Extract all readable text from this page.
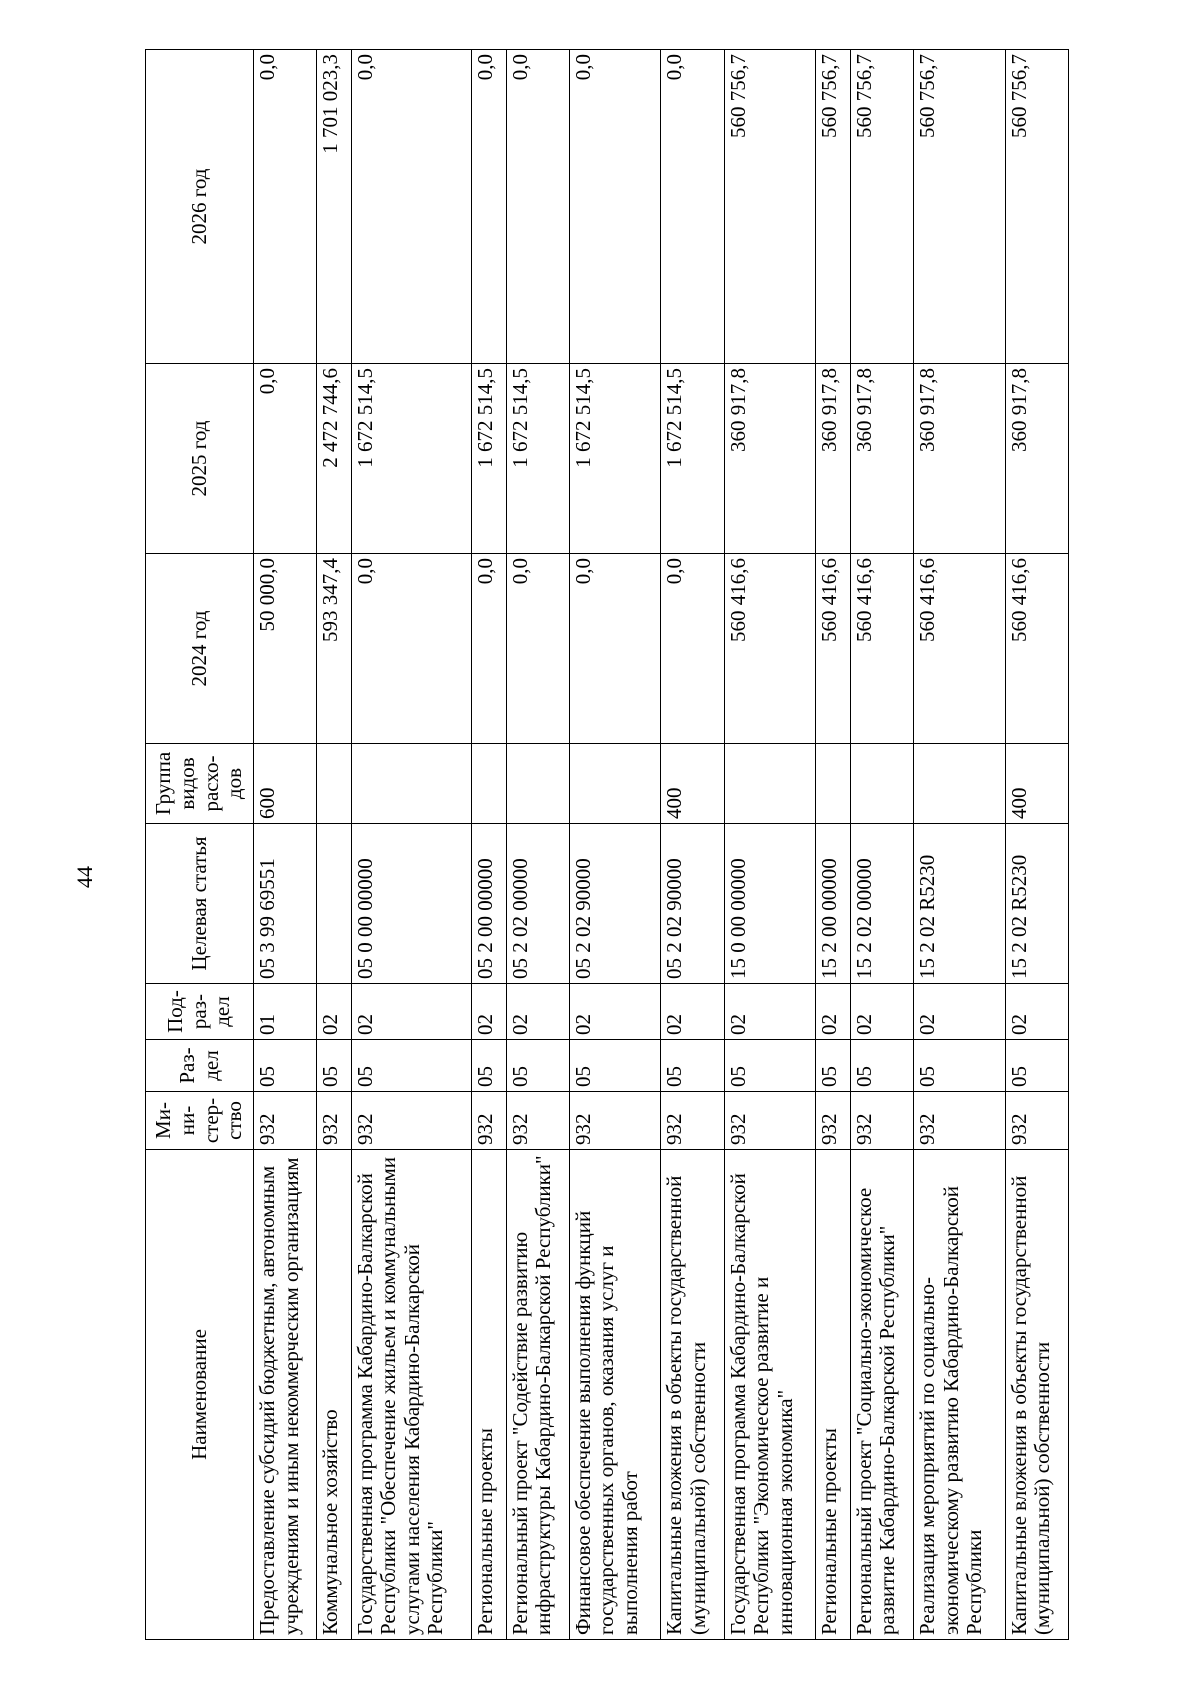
44
Наименование	Ми-ни-стер-ство	Раз-дел	Под-раз-дел	Целевая статья	Группа видов расхо-дов	2024 год	2025 год	2026 год
Предоставление субсидий бюджетным, автономным учреждениям и иным некоммерческим организациям	932	05	01	05 3 99 69551	600	50 000,0	0,0	0,0
Коммунальное хозяйство	932	05	02			593 347,4	2 472 744,6	1 701 023,3
Государственная программа Кабардино-Балкарской Республики "Обеспечение жильем и коммунальными услугами населения Кабардино-Балкарской Республики"	932	05	02	05 0 00 00000		0,0	1 672 514,5	0,0
Региональные проекты	932	05	02	05 2 00 00000		0,0	1 672 514,5	0,0
Региональный проект "Содействие развитию инфраструктуры Кабардино-Балкарской Республики"	932	05	02	05 2 02 00000		0,0	1 672 514,5	0,0
Финансовое обеспечение выполнения функций государственных органов, оказания услуг и выполнения работ	932	05	02	05 2 02 90000		0,0	1 672 514,5	0,0
Капитальные вложения в объекты государственной (муниципальной) собственности	932	05	02	05 2 02 90000	400	0,0	1 672 514,5	0,0
Государственная программа Кабардино-Балкарской Республики "Экономическое развитие и инновационная экономика"	932	05	02	15 0 00 00000		560 416,6	360 917,8	560 756,7
Региональные проекты	932	05	02	15 2 00 00000		560 416,6	360 917,8	560 756,7
Региональный проект "Социально-экономическое развитие Кабардино-Балкарской Республики"	932	05	02	15 2 02 00000		560 416,6	360 917,8	560 756,7
Реализация мероприятий по социально-экономическому развитию Кабардино-Балкарской Республики	932	05	02	15 2 02 R5230		560 416,6	360 917,8	560 756,7
Капитальные вложения в объекты государственной (муниципальной) собственности	932	05	02	15 2 02 R5230	400	560 416,6	360 917,8	560 756,7
